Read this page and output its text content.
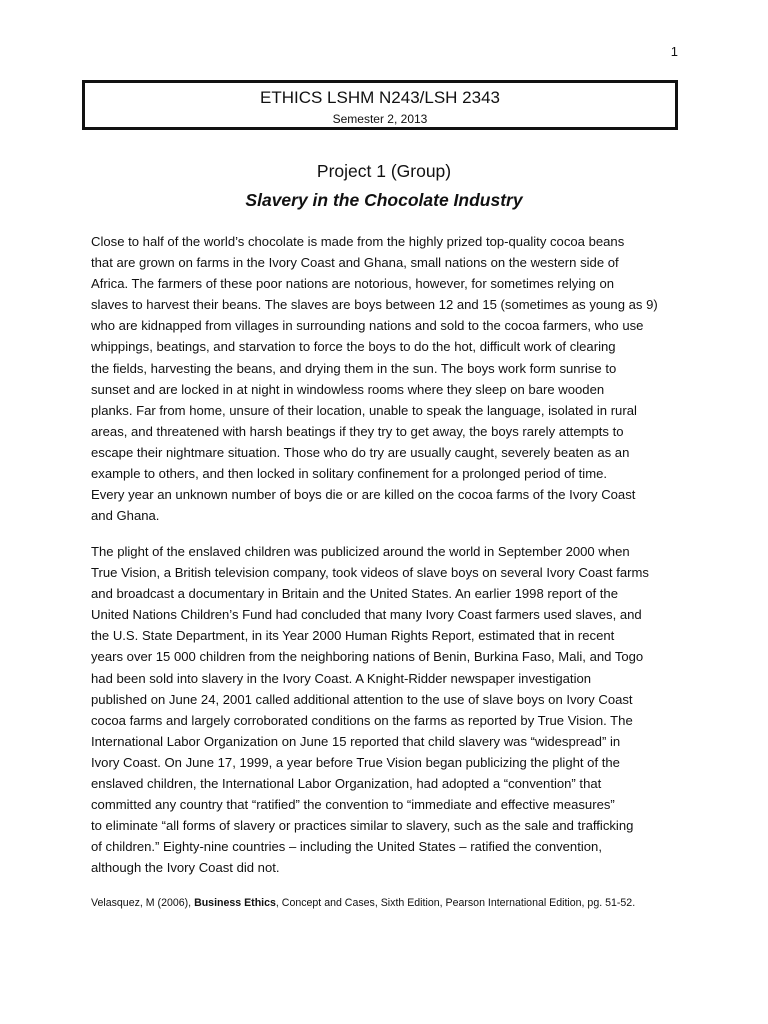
1
ETHICS LSHM N243/LSH 2343
Semester 2, 2013
Project 1 (Group)
Slavery in the Chocolate Industry
Close to half of the world’s chocolate is made from the highly prized top-quality cocoa beans
that are grown on farms in the Ivory Coast and Ghana, small nations on the western side of
Africa. The farmers of these poor nations are notorious, however, for sometimes relying on
slaves to harvest their beans. The slaves are boys between 12 and 15 (sometimes as young as 9)
who are kidnapped from villages in surrounding nations and sold to the cocoa farmers, who use
whippings, beatings, and starvation to force the boys to do the hot, difficult work of clearing
the fields, harvesting the beans, and drying them in the sun. The boys work form sunrise to
sunset and are locked in at night in windowless rooms where they sleep on bare wooden
planks. Far from home, unsure of their location, unable to speak the language, isolated in rural
areas, and threatened with harsh beatings if they try to get away, the boys rarely attempts to
escape their nightmare situation. Those who do try are usually caught, severely beaten as an
example to others, and then locked in solitary confinement for a prolonged period of time.
Every year an unknown number of boys die or are killed on the cocoa farms of the Ivory Coast
and Ghana.
The plight of the enslaved children was publicized around the world in September 2000 when
True Vision, a British television company, took videos of slave boys on several Ivory Coast farms
and broadcast a documentary in Britain and the United States. An earlier 1998 report of the
United Nations Children’s Fund had concluded that many Ivory Coast farmers used slaves, and
the U.S. State Department, in its Year 2000 Human Rights Report, estimated that in recent
years over 15 000 children from the neighboring nations of Benin, Burkina Faso, Mali, and Togo
had been sold into slavery in the Ivory Coast. A Knight-Ridder newspaper investigation
published on June 24, 2001 called additional attention to the use of slave boys on Ivory Coast
cocoa farms and largely corroborated conditions on the farms as reported by True Vision. The
International Labor Organization on June 15 reported that child slavery was “widespread” in
Ivory Coast. On June 17, 1999, a year before True Vision began publicizing the plight of the
enslaved children, the International Labor Organization, had adopted a “convention” that
committed any country that “ratified” the convention to “immediate and effective measures”
to eliminate “all forms of slavery or practices similar to slavery, such as the sale and trafficking
of children.” Eighty-nine countries – including the United States – ratified the convention,
although the Ivory Coast did not.
Velasquez, M (2006), Business Ethics, Concept and Cases, Sixth Edition, Pearson International Edition, pg. 51-52.
